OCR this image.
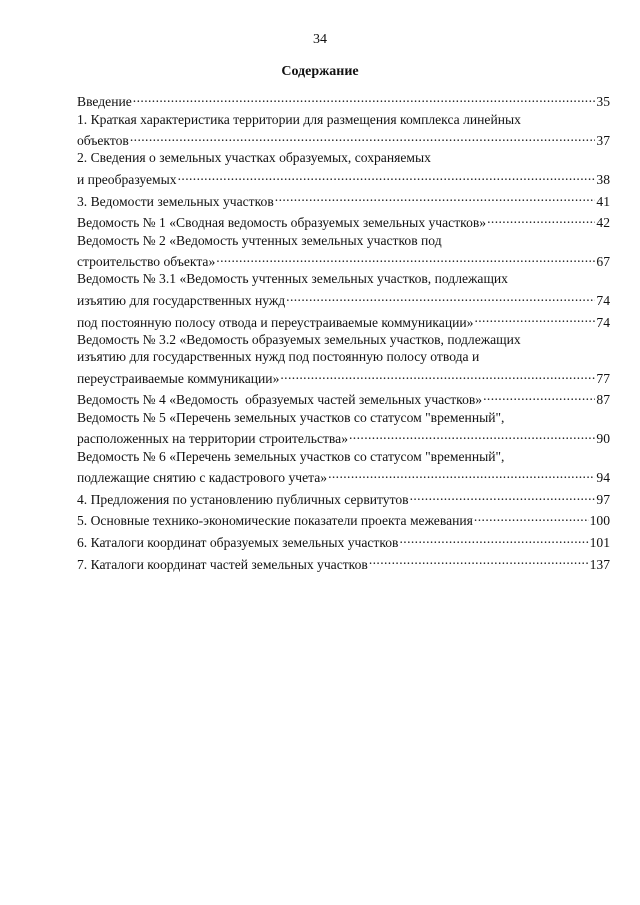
34
Содержание
Введение .....	35
1. Краткая характеристика территории для размещения комплекса линейных
объектов .....	37
2. Сведения о земельных участках образуемых, сохраняемых
и преобразуемых .....	38
3. Ведомости земельных участков .....	41
Ведомость № 1 «Сводная ведомость образуемых земельных участков» .....	42
Ведомость № 2 «Ведомость учтенных земельных участков под
строительство объекта» .....	67
Ведомость № 3.1 «Ведомость учтенных земельных участков, подлежащих
изъятию для государственных нужд .....	74
под постоянную полосу отвода и переустраиваемые коммуникации» .....	74
Ведомость № 3.2 «Ведомость образуемых земельных участков, подлежащих
изъятию для государственных нужд под постоянную полосу отвода и
переустраиваемые коммуникации» .....	77
Ведомость № 4 «Ведомость  образуемых частей земельных участков» .....	87
Ведомость № 5 «Перечень земельных участков со статусом "временный",
расположенных на территории строительства» .....	90
Ведомость № 6 «Перечень земельных участков со статусом "временный",
подлежащие снятию с кадастрового учета» .....	94
4. Предложения по установлению публичных сервитутов .....	97
5. Основные технико-экономические показатели проекта межевания .....	100
6. Каталоги координат образуемых земельных участков .....	101
7. Каталоги координат частей земельных участков .....	137
